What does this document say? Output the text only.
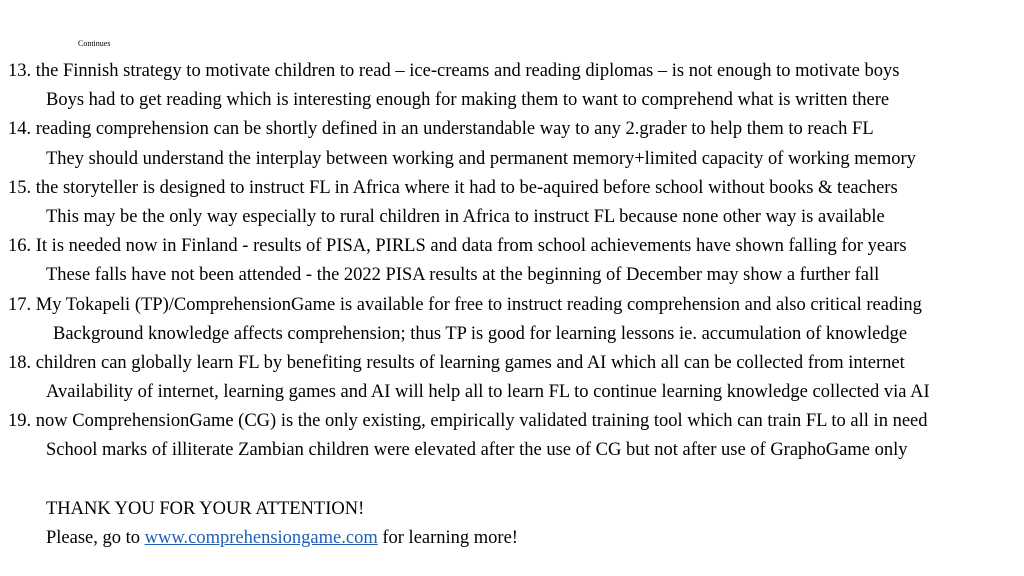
Continues
13. the Finnish strategy to motivate children to read – ice-creams and reading diplomas – is not enough to motivate boys
Boys had to get reading which is interesting enough for making them to want to comprehend what is written there
14. reading comprehension can be shortly defined in an understandable way to any 2.grader to help them to reach FL
They should understand the interplay between working and permanent memory+limited capacity of working memory
15. the storyteller is designed to instruct FL in Africa where it had to be-aquired before school without books & teachers
This may be the only way especially to rural children in Africa to instruct FL because none other way is available
16. It is needed now in Finland - results of PISA, PIRLS and data from school achievements have shown falling for years
These falls have not been attended - the 2022 PISA results at the beginning of December may show a further fall
17. My Tokapeli (TP)/ComprehensionGame is available for free to instruct reading comprehension and also critical reading
Background knowledge affects comprehension; thus TP is good for learning lessons ie. accumulation of knowledge
18. children can globally learn FL by benefiting results of learning games and AI which all can be collected from internet
Availability of internet, learning games and AI will help all to learn FL to continue learning knowledge collected via AI
19. now ComprehensionGame (CG) is the only existing, empirically validated training tool which can train FL to all in need
School marks of illiterate Zambian children were elevated after the use of CG but not after use of GraphoGame only
THANK YOU FOR YOUR ATTENTION!
Please, go to www.comprehensiongame.com for learning more!
